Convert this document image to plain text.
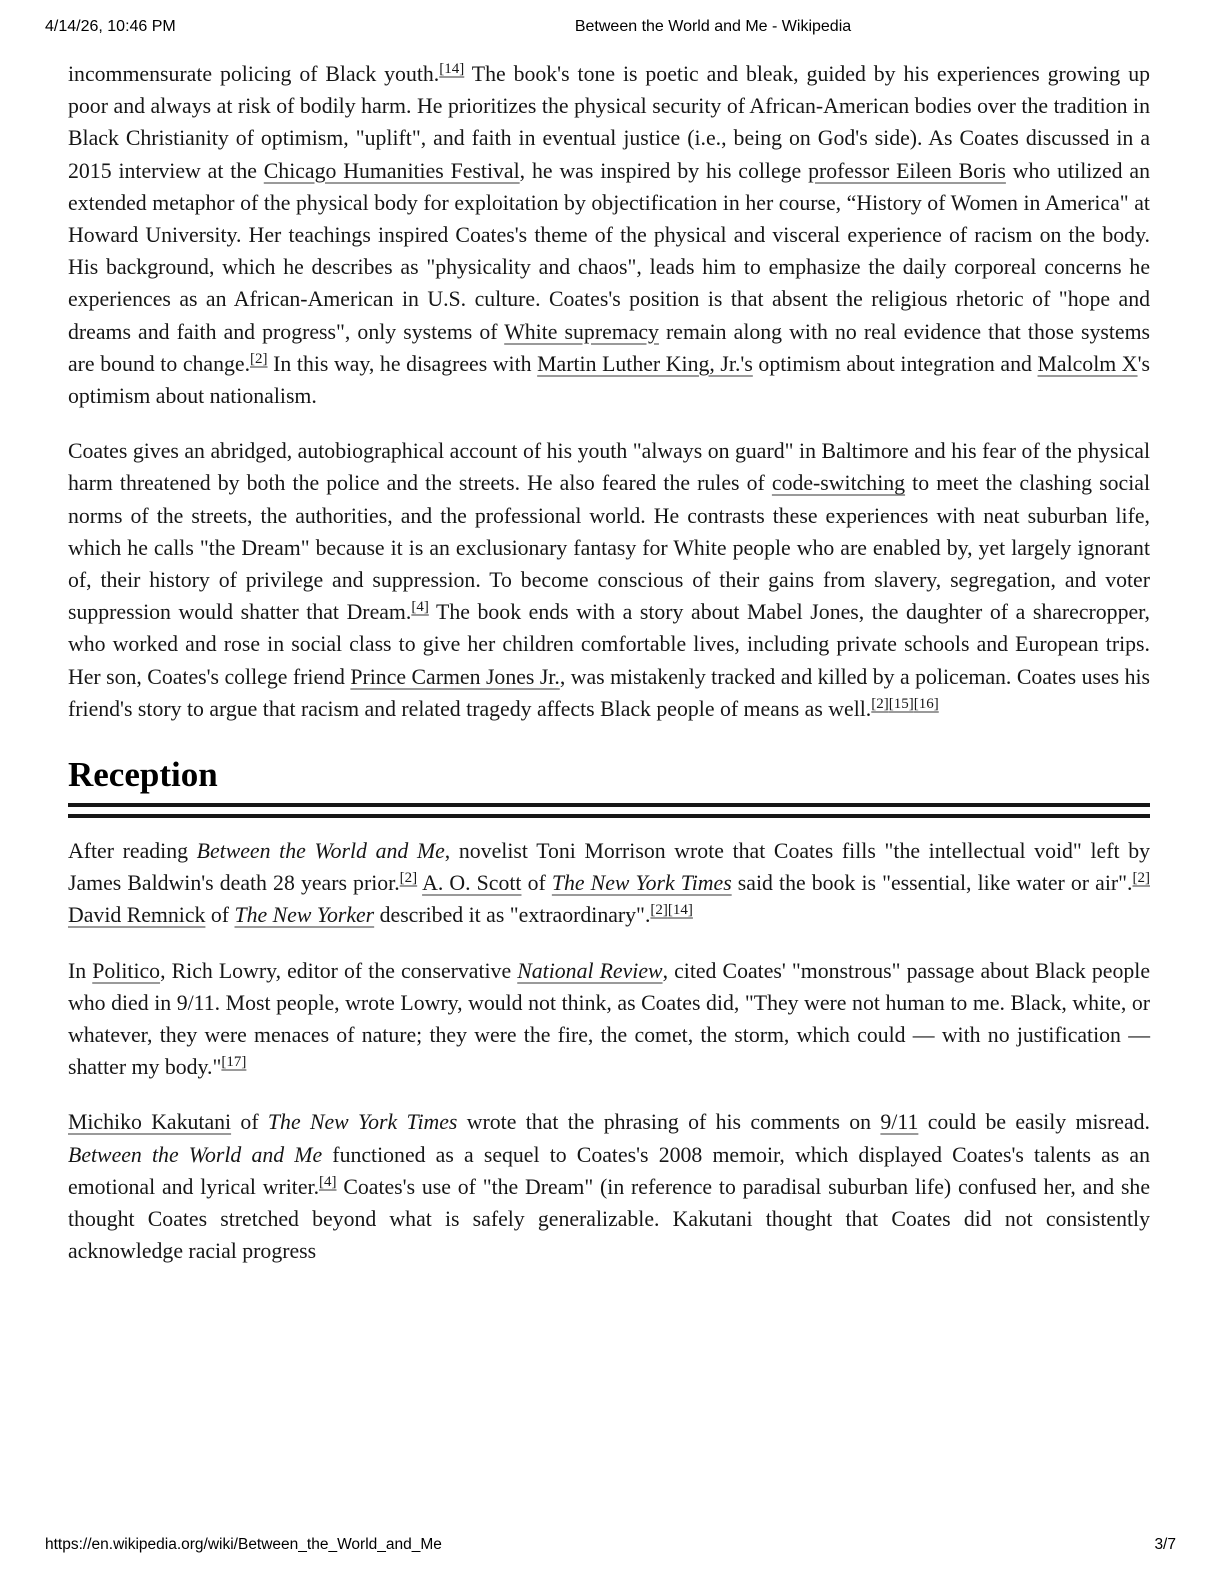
4/14/26, 10:46 PM	Between the World and Me - Wikipedia

incommensurate policing of Black youth.[14] The book's tone is poetic and bleak, guided by his experiences growing up poor and always at risk of bodily harm. He prioritizes the physical security of African-American bodies over the tradition in Black Christianity of optimism, "uplift", and faith in eventual justice (i.e., being on God's side). As Coates discussed in a 2015 interview at the Chicago Humanities Festival, he was inspired by his college professor Eileen Boris who utilized an extended metaphor of the physical body for exploitation by objectification in her course, “History of Women in America" at Howard University. Her teachings inspired Coates's theme of the physical and visceral experience of racism on the body. His background, which he describes as "physicality and chaos", leads him to emphasize the daily corporeal concerns he experiences as an African-American in U.S. culture. Coates's position is that absent the religious rhetoric of "hope and dreams and faith and progress", only systems of White supremacy remain along with no real evidence that those systems are bound to change.[2] In this way, he disagrees with Martin Luther King, Jr.'s optimism about integration and Malcolm X's optimism about nationalism.

Coates gives an abridged, autobiographical account of his youth "always on guard" in Baltimore and his fear of the physical harm threatened by both the police and the streets. He also feared the rules of code-switching to meet the clashing social norms of the streets, the authorities, and the professional world. He contrasts these experiences with neat suburban life, which he calls "the Dream" because it is an exclusionary fantasy for White people who are enabled by, yet largely ignorant of, their history of privilege and suppression. To become conscious of their gains from slavery, segregation, and voter suppression would shatter that Dream.[4] The book ends with a story about Mabel Jones, the daughter of a sharecropper, who worked and rose in social class to give her children comfortable lives, including private schools and European trips. Her son, Coates's college friend Prince Carmen Jones Jr., was mistakenly tracked and killed by a policeman. Coates uses his friend's story to argue that racism and related tragedy affects Black people of means as well.[2][15][16]

Reception

After reading Between the World and Me, novelist Toni Morrison wrote that Coates fills "the intellectual void" left by James Baldwin's death 28 years prior.[2] A. O. Scott of The New York Times said the book is "essential, like water or air".[2] David Remnick of The New Yorker described it as "extraordinary".[2][14]

In Politico, Rich Lowry, editor of the conservative National Review, cited Coates' "monstrous" passage about Black people who died in 9/11. Most people, wrote Lowry, would not think, as Coates did, "They were not human to me. Black, white, or whatever, they were menaces of nature; they were the fire, the comet, the storm, which could — with no justification — shatter my body."[17]

Michiko Kakutani of The New York Times wrote that the phrasing of his comments on 9/11 could be easily misread. Between the World and Me functioned as a sequel to Coates's 2008 memoir, which displayed Coates's talents as an emotional and lyrical writer.[4] Coates's use of "the Dream" (in reference to paradisal suburban life) confused her, and she thought Coates stretched beyond what is safely generalizable. Kakutani thought that Coates did not consistently acknowledge racial progress

https://en.wikipedia.org/wiki/Between_the_World_and_Me	3/7
